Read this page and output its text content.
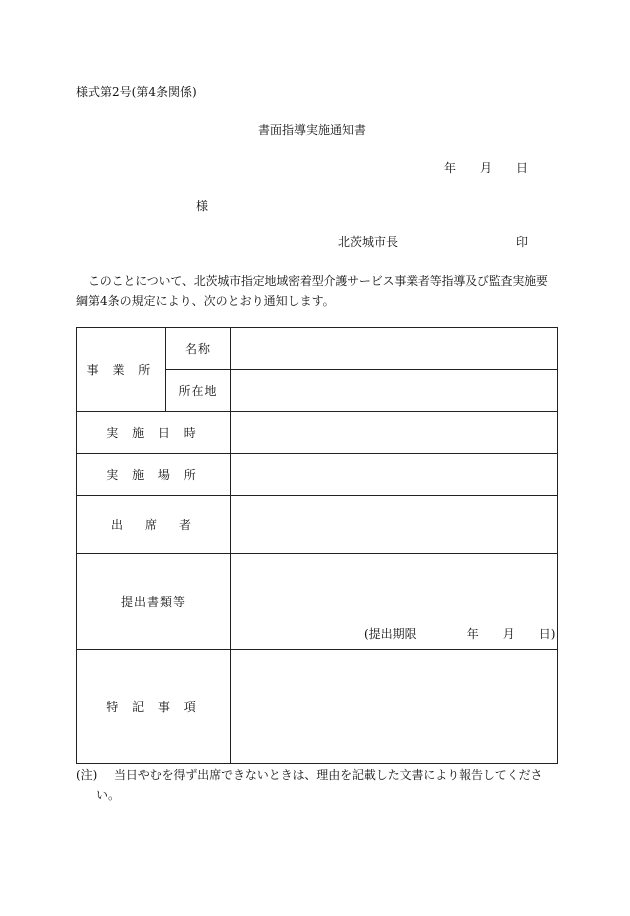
様式第2号(第4条関係)
書面指導実施通知書
年 月 日
様
北茨城市長	印
このことについて、北茨城市指定地域密着型介護サービス事業者等指導及び監査実施要
綱第4条の規定により、次のとおり通知します。
事 業 所	名称	
	所在地	
実 施 日 時		
実 施 場 所		
出　席　者		
提出書類等		(提出期限 年 月 日)

特 記 事 項		
(注) 当日やむを得ず出席できないときは、理由を記載した文書により報告してくださ
い。
